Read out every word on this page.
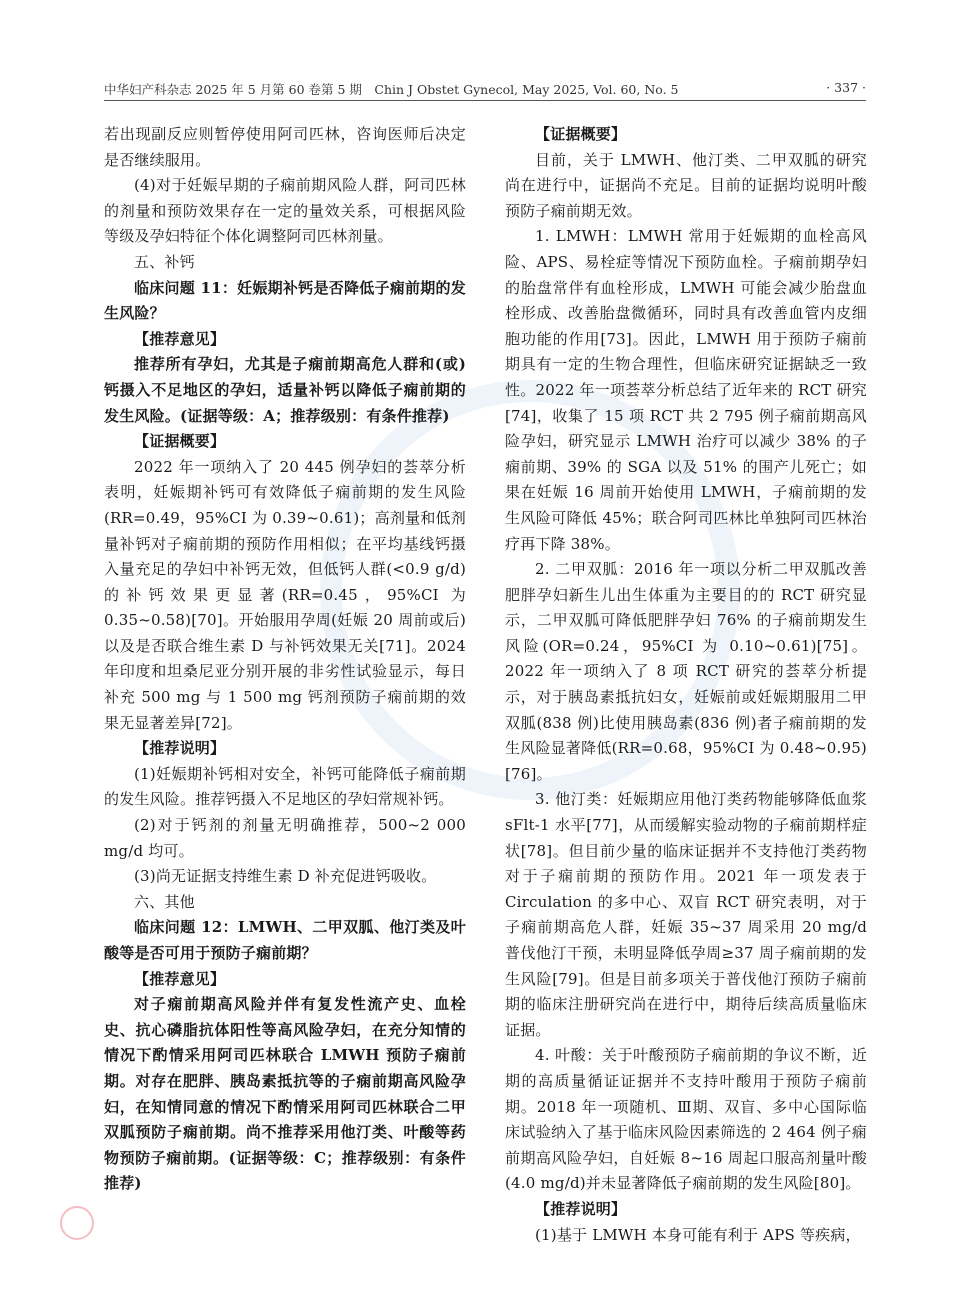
中华妇产科杂志 2025 年 5 月第 60 卷第 5 期　Chin J Obstet Gynecol, May 2025, Vol. 60, No. 5	· 337 ·

若出现副反应则暂停使用阿司匹林，咨询医师后决定是否继续服用。

(4)对于妊娠早期的子痫前期风险人群，阿司匹林的剂量和预防效果存在一定的量效关系，可根据风险等级及孕妇特征个体化调整阿司匹林剂量。

五、补钙

临床问题 11：妊娠期补钙是否降低子痫前期的发生风险？

【推荐意见】

推荐所有孕妇，尤其是子痫前期高危人群和(或)钙摄入不足地区的孕妇，适量补钙以降低子痫前期的发生风险。(证据等级：A；推荐级别：有条件推荐)

【证据概要】

2022 年一项纳入了 20 445 例孕妇的荟萃分析表明，妊娠期补钙可有效降低子痫前期的发生风险(RR=0.49，95%CI 为 0.39~0.61)；高剂量和低剂量补钙对子痫前期的预防作用相似；在平均基线钙摄入量充足的孕妇中补钙无效，但低钙人群(<0.9 g/d)的补钙效果更显著(RR=0.45，95%CI 为 0.35~0.58)[70]。开始服用孕周(妊娠 20 周前或后)以及是否联合维生素 D 与补钙效果无关[71]。2024 年印度和坦桑尼亚分别开展的非劣性试验显示，每日补充 500 mg 与 1 500 mg 钙剂预防子痫前期的效果无显著差异[72]。

【推荐说明】

(1)妊娠期补钙相对安全，补钙可能降低子痫前期的发生风险。推荐钙摄入不足地区的孕妇常规补钙。

(2)对于钙剂的剂量无明确推荐，500~2 000 mg/d 均可。

(3)尚无证据支持维生素 D 补充促进钙吸收。

六、其他

临床问题 12：LMWH、二甲双胍、他汀类及叶酸等是否可用于预防子痫前期？

【推荐意见】

对子痫前期高风险并伴有复发性流产史、血栓史、抗心磷脂抗体阳性等高风险孕妇，在充分知情的情况下酌情采用阿司匹林联合 LMWH 预防子痫前期。对存在肥胖、胰岛素抵抗等的子痫前期高风险孕妇，在知情同意的情况下酌情采用阿司匹林联合二甲双胍预防子痫前期。尚不推荐采用他汀类、叶酸等药物预防子痫前期。(证据等级：C；推荐级别：有条件推荐)

【证据概要】

目前，关于 LMWH、他汀类、二甲双胍的研究尚在进行中，证据尚不充足。目前的证据均说明叶酸预防子痫前期无效。

1. LMWH：LMWH 常用于妊娠期的血栓高风险、APS、易栓症等情况下预防血栓。子痫前期孕妇的胎盘常伴有血栓形成，LMWH 可能会减少胎盘血栓形成、改善胎盘微循环，同时具有改善血管内皮细胞功能的作用[73]。因此，LMWH 用于预防子痫前期具有一定的生物合理性，但临床研究证据缺乏一致性。2022 年一项荟萃分析总结了近年来的 RCT 研究[74]，收集了 15 项 RCT 共 2 795 例子痫前期高风险孕妇，研究显示 LMWH 治疗可以减少 38% 的子痫前期、39% 的 SGA 以及 51% 的围产儿死亡；如果在妊娠 16 周前开始使用 LMWH，子痫前期的发生风险可降低 45%；联合阿司匹林比单独阿司匹林治疗再下降 38%。

2. 二甲双胍：2016 年一项以分析二甲双胍改善肥胖孕妇新生儿出生体重为主要目的的 RCT 研究显示，二甲双胍可降低肥胖孕妇 76% 的子痫前期发生风险(OR=0.24，95%CI 为 0.10~0.61)[75]。2022 年一项纳入了 8 项 RCT 研究的荟萃分析提示，对于胰岛素抵抗妇女，妊娠前或妊娠期服用二甲双胍(838 例)比使用胰岛素(836 例)者子痫前期的发生风险显著降低(RR=0.68，95%CI 为 0.48~0.95)[76]。

3. 他汀类：妊娠期应用他汀类药物能够降低血浆 sFlt-1 水平[77]，从而缓解实验动物的子痫前期样症状[78]。但目前少量的临床证据并不支持他汀类药物对于子痫前期的预防作用。2021 年一项发表于 Circulation 的多中心、双盲 RCT 研究表明，对于子痫前期高危人群，妊娠 35~37 周采用 20 mg/d 普伐他汀干预，未明显降低孕周≥37 周子痫前期的发生风险[79]。但是目前多项关于普伐他汀预防子痫前期的临床注册研究尚在进行中，期待后续高质量临床证据。

4. 叶酸：关于叶酸预防子痫前期的争议不断，近期的高质量循证证据并不支持叶酸用于预防子痫前期。2018 年一项随机、Ⅲ期、双盲、多中心国际临床试验纳入了基于临床风险因素筛选的 2 464 例子痫前期高风险孕妇，自妊娠 8~16 周起口服高剂量叶酸(4.0 mg/d)并未显著降低子痫前期的发生风险[80]。

【推荐说明】

(1)基于 LMWH 本身可能有利于 APS 等疾病，
